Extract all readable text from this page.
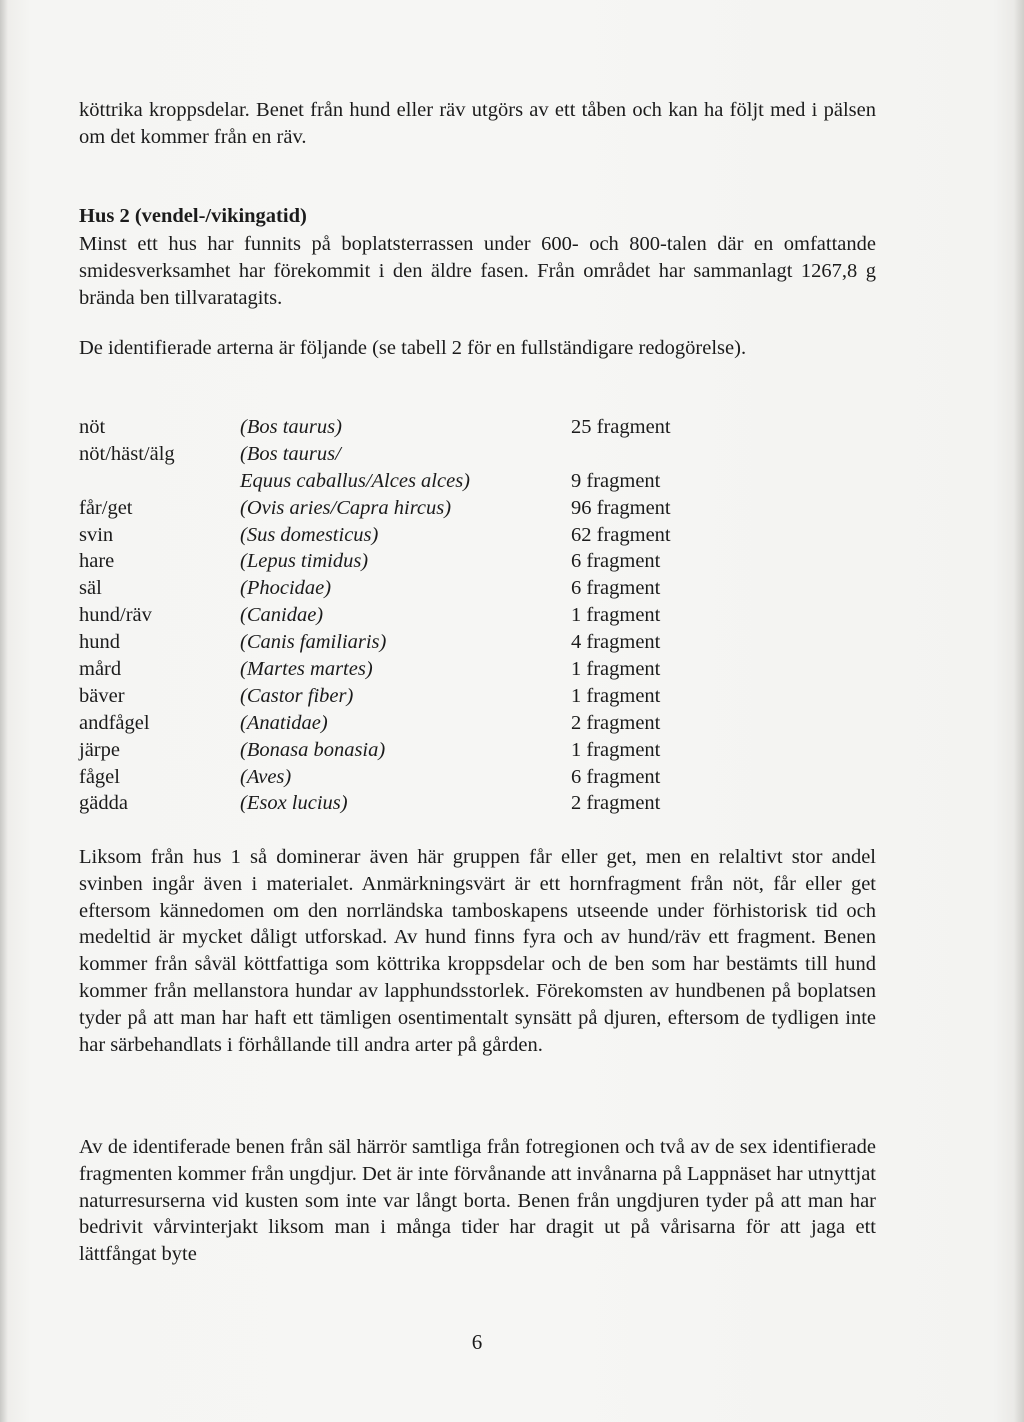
köttrika kroppsdelar. Benet från hund eller räv utgörs av ett tåben och kan ha följt med i pälsen om det kommer från en räv.

Hus 2 (vendel-/vikingatid)

Minst ett hus har funnits på boplatsterrassen under 600- och 800-talen där en omfattande smidesverksamhet har förekommit i den äldre fasen. Från området har sammanlagt 1267,8 g brända ben tillvaratagits.

De identifierade arterna är följande (se tabell 2 för en fullständigare redogörelse).

nöt	(Bos taurus)	25 fragment
nöt/häst/älg	(Bos taurus/
Equus caballus/Alces alces)	9 fragment
får/get	(Ovis aries/Capra hircus)	96 fragment
svin	(Sus domesticus)	62 fragment
hare	(Lepus timidus)	6 fragment
säl	(Phocidae)	6 fragment
hund/räv	(Canidae)	1 fragment
hund	(Canis familiaris)	4 fragment
mård	(Martes martes)	1 fragment
bäver	(Castor fiber)	1 fragment
andfågel	(Anatidae)	2 fragment
järpe	(Bonasa bonasia)	1 fragment
fågel	(Aves)	6 fragment
gädda	(Esox lucius)	2 fragment

Liksom från hus 1 så dominerar även här gruppen får eller get, men en relaltivt stor andel svinben ingår även i materialet. Anmärkningsvärt är ett hornfragment från nöt, får eller get eftersom kännedomen om den norrländska tamboskapens utseende under förhistorisk tid och medeltid är mycket dåligt utforskad. Av hund finns fyra och av hund/räv ett fragment. Benen kommer från såväl köttfattiga som köttrika kroppsdelar och de ben som har bestämts till hund kommer från mellanstora hundar av lapphundsstorlek. Förekomsten av hundbenen på boplatsen tyder på att man har haft ett tämligen osentimentalt synsätt på djuren, eftersom de tydligen inte har särbehandlats i förhållande till andra arter på gården.

Av de identiferade benen från säl härrör samtliga från fotregionen och två av de sex identifierade fragmenten kommer från ungdjur. Det är inte förvånande att invånarna på Lappnäset har utnyttjat naturresurserna vid kusten som inte var långt borta. Benen från ungdjuren tyder på att man har bedrivit vårvinterjakt liksom man i många tider har dragit ut på vårisarna för att jaga ett lättfångat byte

6
